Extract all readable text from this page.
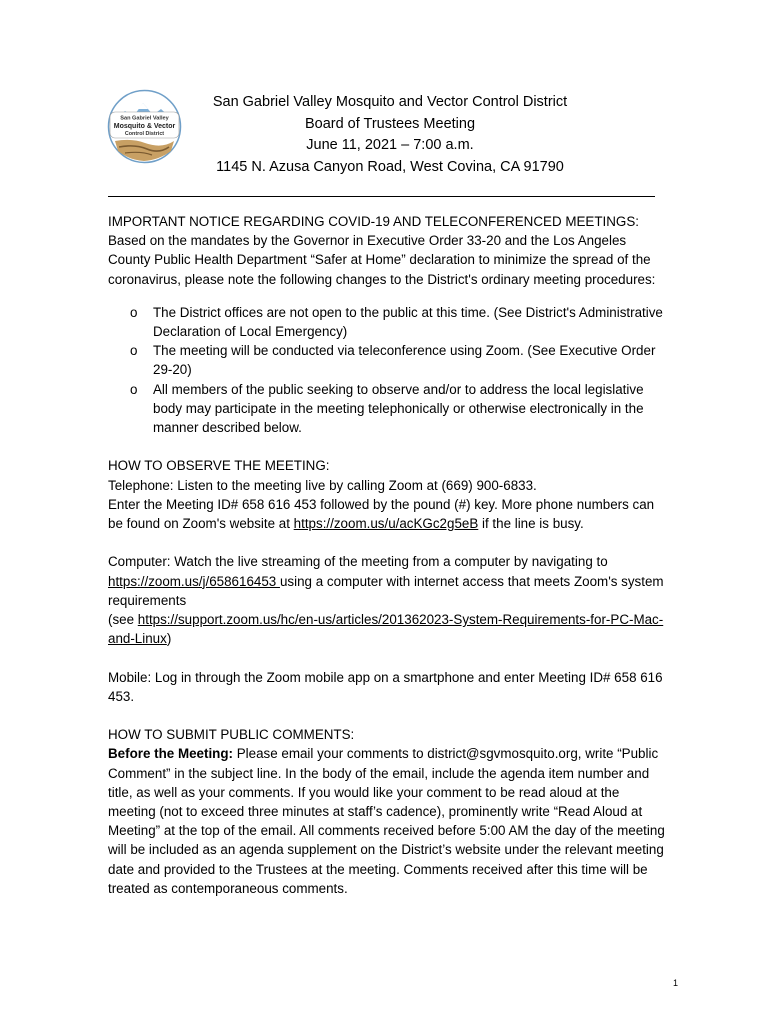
San Gabriel Valley
Mosquito & Vector
Control District
San Gabriel Valley Mosquito and Vector Control District
Board of Trustees Meeting
June 11, 2021 – 7:00 a.m.
1145 N. Azusa Canyon Road, West Covina, CA 91790

IMPORTANT NOTICE REGARDING COVID-19 AND TELECONFERENCED MEETINGS:

Based on the mandates by the Governor in Executive Order 33-20 and the Los Angeles County Public Health Department “Safer at Home” declaration to minimize the spread of the coronavirus, please note the following changes to the District's ordinary meeting procedures:

o The District offices are not open to the public at this time. (See District's Administrative Declaration of Local Emergency)
o The meeting will be conducted via teleconference using Zoom. (See Executive Order 29-20)
o All members of the public seeking to observe and/or to address the local legislative body may participate in the meeting telephonically or otherwise electronically in the manner described below.

HOW TO OBSERVE THE MEETING:

Telephone: Listen to the meeting live by calling Zoom at (669) 900-6833.

Enter the Meeting ID# 658 616 453 followed by the pound (#) key. More phone numbers can be found on Zoom's website at https://zoom.us/u/acKGc2g5eB if the line is busy.

Computer: Watch the live streaming of the meeting from a computer by navigating to https://zoom.us/j/658616453 using a computer with internet access that meets Zoom's system requirements

(see https://support.zoom.us/hc/en-us/articles/201362023-System-Requirements-for-PC-Mac-and-Linux)

Mobile: Log in through the Zoom mobile app on a smartphone and enter Meeting ID# 658 616 453.

HOW TO SUBMIT PUBLIC COMMENTS:

Before the Meeting: Please email your comments to district@sgvmosquito.org, write “Public Comment” in the subject line. In the body of the email, include the agenda item number and title, as well as your comments. If you would like your comment to be read aloud at the meeting (not to exceed three minutes at staff’s cadence), prominently write “Read Aloud at Meeting” at the top of the email. All comments received before 5:00 AM the day of the meeting will be included as an agenda supplement on the District’s website under the relevant meeting date and provided to the Trustees at the meeting. Comments received after this time will be treated as contemporaneous comments.

1
